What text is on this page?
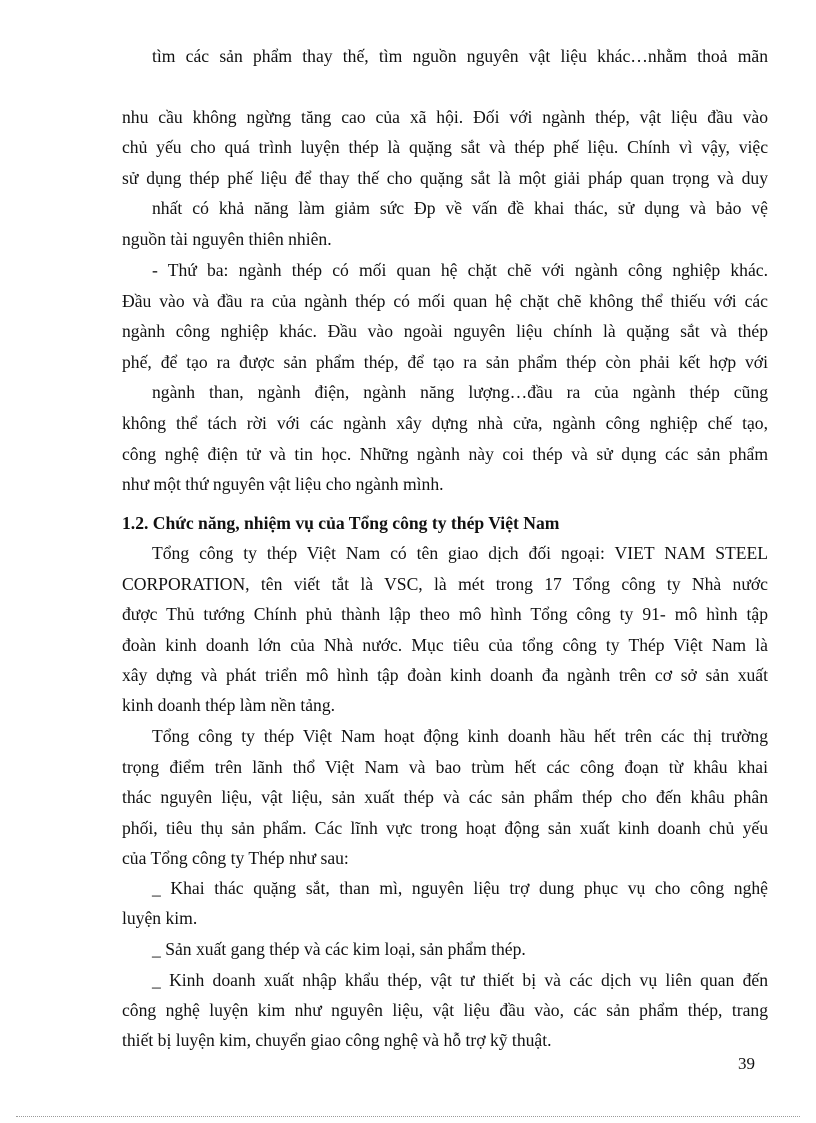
tìm các sản phẩm thay thế, tìm nguồn nguyên vật liệu khác…nhằm thoả mãn
nhu cầu không ngừng tăng cao của xã hội. Đối với ngành thép, vật liệu đầu vào
chủ yếu cho quá trình luyện thép là quặng sắt và thép phế liệu. Chính vì vậy, việc
sử dụng thép phế liệu để thay thế cho quặng sắt là một giải pháp quan trọng và duy
nhất có khả năng làm giảm sức Đp về vấn đề khai thác, sử dụng và bảo vệ
nguồn tài nguyên thiên nhiên.
- Thứ ba: ngành thép có mối quan hệ chặt chẽ với ngành công nghiệp khác.
Đầu vào và đầu ra của ngành thép có mối quan hệ chặt chẽ không thể thiếu với các
ngành công nghiệp khác. Đầu vào ngoài nguyên liệu chính là quặng sắt và thép
phế, để tạo ra được sản phẩm thép, để tạo ra sản phẩm thép còn phải kết hợp với
ngành than, ngành điện, ngành năng lượng…đầu ra của ngành thép cũng
không thể tách rời với các ngành xây dựng nhà cửa, ngành công nghiệp chế tạo,
công nghệ điện tử và tin học. Những ngành này coi thép và sử dụng các sản phẩm
như một thứ nguyên vật liệu cho ngành mình.
1.2. Chức năng, nhiệm vụ của Tổng công ty thép Việt Nam
Tổng công ty thép Việt Nam có tên giao dịch đối ngoại: VIET NAM STEEL
CORPORATION, tên viết tắt là VSC, là mét trong 17 Tổng công ty Nhà nước
được Thủ tướng Chính phủ thành lập theo mô hình Tổng công ty 91- mô hình tập
đoàn kinh doanh lớn của Nhà nước. Mục tiêu của tổng công ty Thép Việt Nam là
xây dựng và phát triển mô hình tập đoàn kinh doanh đa ngành trên cơ sở sản xuất
kinh doanh thép làm nền tảng.
Tổng công ty thép Việt Nam hoạt động kinh doanh hầu hết trên các thị trường
trọng điểm trên lãnh thổ Việt Nam và bao trùm hết các công đoạn từ khâu khai
thác nguyên liệu, vật liệu, sản xuất thép và các sản phẩm thép cho đến khâu phân
phối, tiêu thụ sản phẩm. Các lĩnh vực trong hoạt động sản xuất kinh doanh chủ yếu
của Tổng công ty Thép như sau:
_ Khai thác quặng sắt, than mì, nguyên liệu trợ dung phục vụ cho công nghệ
luyện kim.
_ Sản xuất gang thép và các kim loại, sản phẩm thép.
_ Kinh doanh xuất nhập khẩu thép, vật tư thiết bị và các dịch vụ liên quan đến
công nghệ luyện kim như nguyên liệu, vật liệu đầu vào, các sản phẩm thép, trang
thiết bị luyện kim, chuyển giao công nghệ và hỗ trợ kỹ thuật.
39
